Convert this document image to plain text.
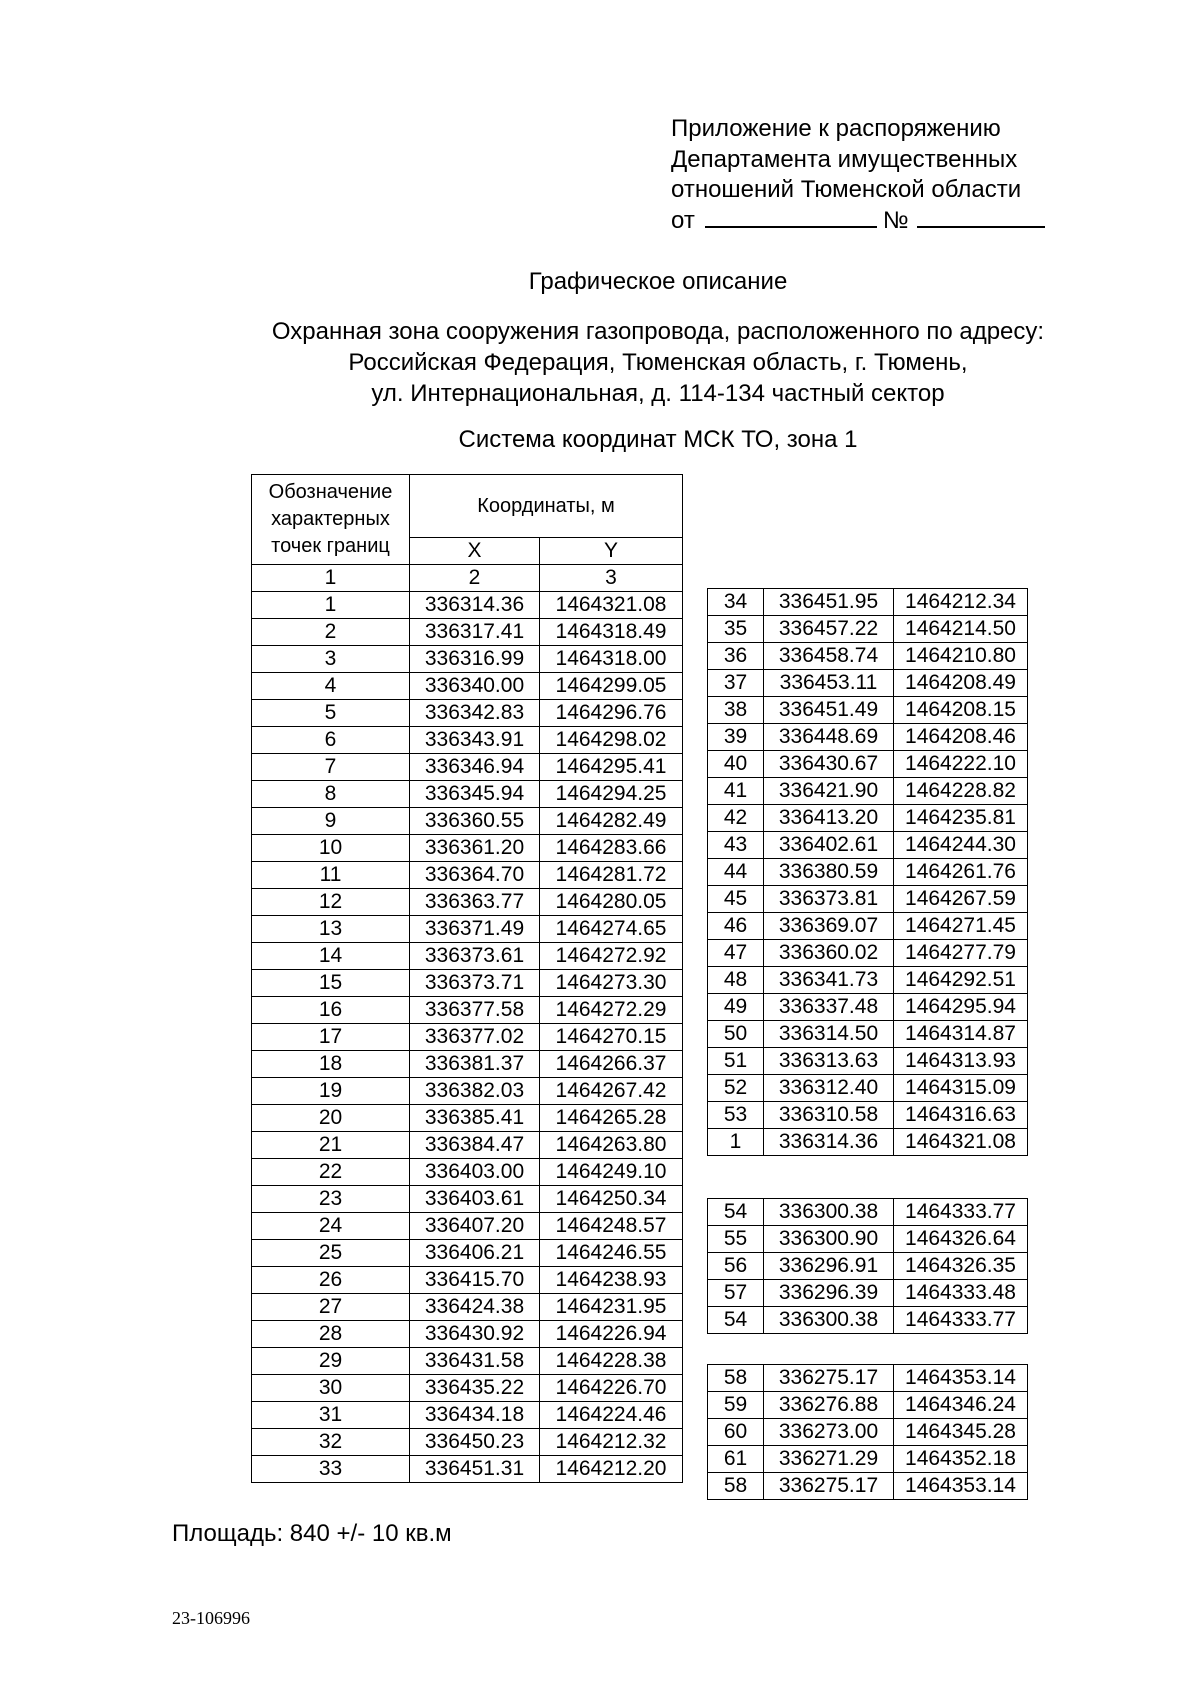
Приложение к распоряжению
Департамента имущественных
отношений Тюменской области
от	№
Графическое описание
Охранная зона сооружения газопровода, расположенного по адресу:
Российская Федерация, Тюменская область, г. Тюмень,
ул. Интернациональная, д. 114-134 частный сектор
Система координат МСК ТО, зона 1
Обозначение характерных точек границ	Координаты, м	
	X	Y
1	2	3
1	336314.36	1464321.08
2	336317.41	1464318.49
3	336316.99	1464318.00
4	336340.00	1464299.05
5	336342.83	1464296.76
6	336343.91	1464298.02
7	336346.94	1464295.41
8	336345.94	1464294.25
9	336360.55	1464282.49
10	336361.20	1464283.66
11	336364.70	1464281.72
12	336363.77	1464280.05
13	336371.49	1464274.65
14	336373.61	1464272.92
15	336373.71	1464273.30
16	336377.58	1464272.29
17	336377.02	1464270.15
18	336381.37	1464266.37
19	336382.03	1464267.42
20	336385.41	1464265.28
21	336384.47	1464263.80
22	336403.00	1464249.10
23	336403.61	1464250.34
24	336407.20	1464248.57
25	336406.21	1464246.55
26	336415.70	1464238.93
27	336424.38	1464231.95
28	336430.92	1464226.94
29	336431.58	1464228.38
30	336435.22	1464226.70
31	336434.18	1464224.46
32	336450.23	1464212.32
33	336451.31	1464212.20
34	336451.95	1464212.34
35	336457.22	1464214.50
36	336458.74	1464210.80
37	336453.11	1464208.49
38	336451.49	1464208.15
39	336448.69	1464208.46
40	336430.67	1464222.10
41	336421.90	1464228.82
42	336413.20	1464235.81
43	336402.61	1464244.30
44	336380.59	1464261.76
45	336373.81	1464267.59
46	336369.07	1464271.45
47	336360.02	1464277.79
48	336341.73	1464292.51
49	336337.48	1464295.94
50	336314.50	1464314.87
51	336313.63	1464313.93
52	336312.40	1464315.09
53	336310.58	1464316.63
1	336314.36	1464321.08
54	336300.38	1464333.77
55	336300.90	1464326.64
56	336296.91	1464326.35
57	336296.39	1464333.48
54	336300.38	1464333.77
58	336275.17	1464353.14
59	336276.88	1464346.24
60	336273.00	1464345.28
61	336271.29	1464352.18
58	336275.17	1464353.14
Площадь: 840 +/- 10 кв.м
23-106996
